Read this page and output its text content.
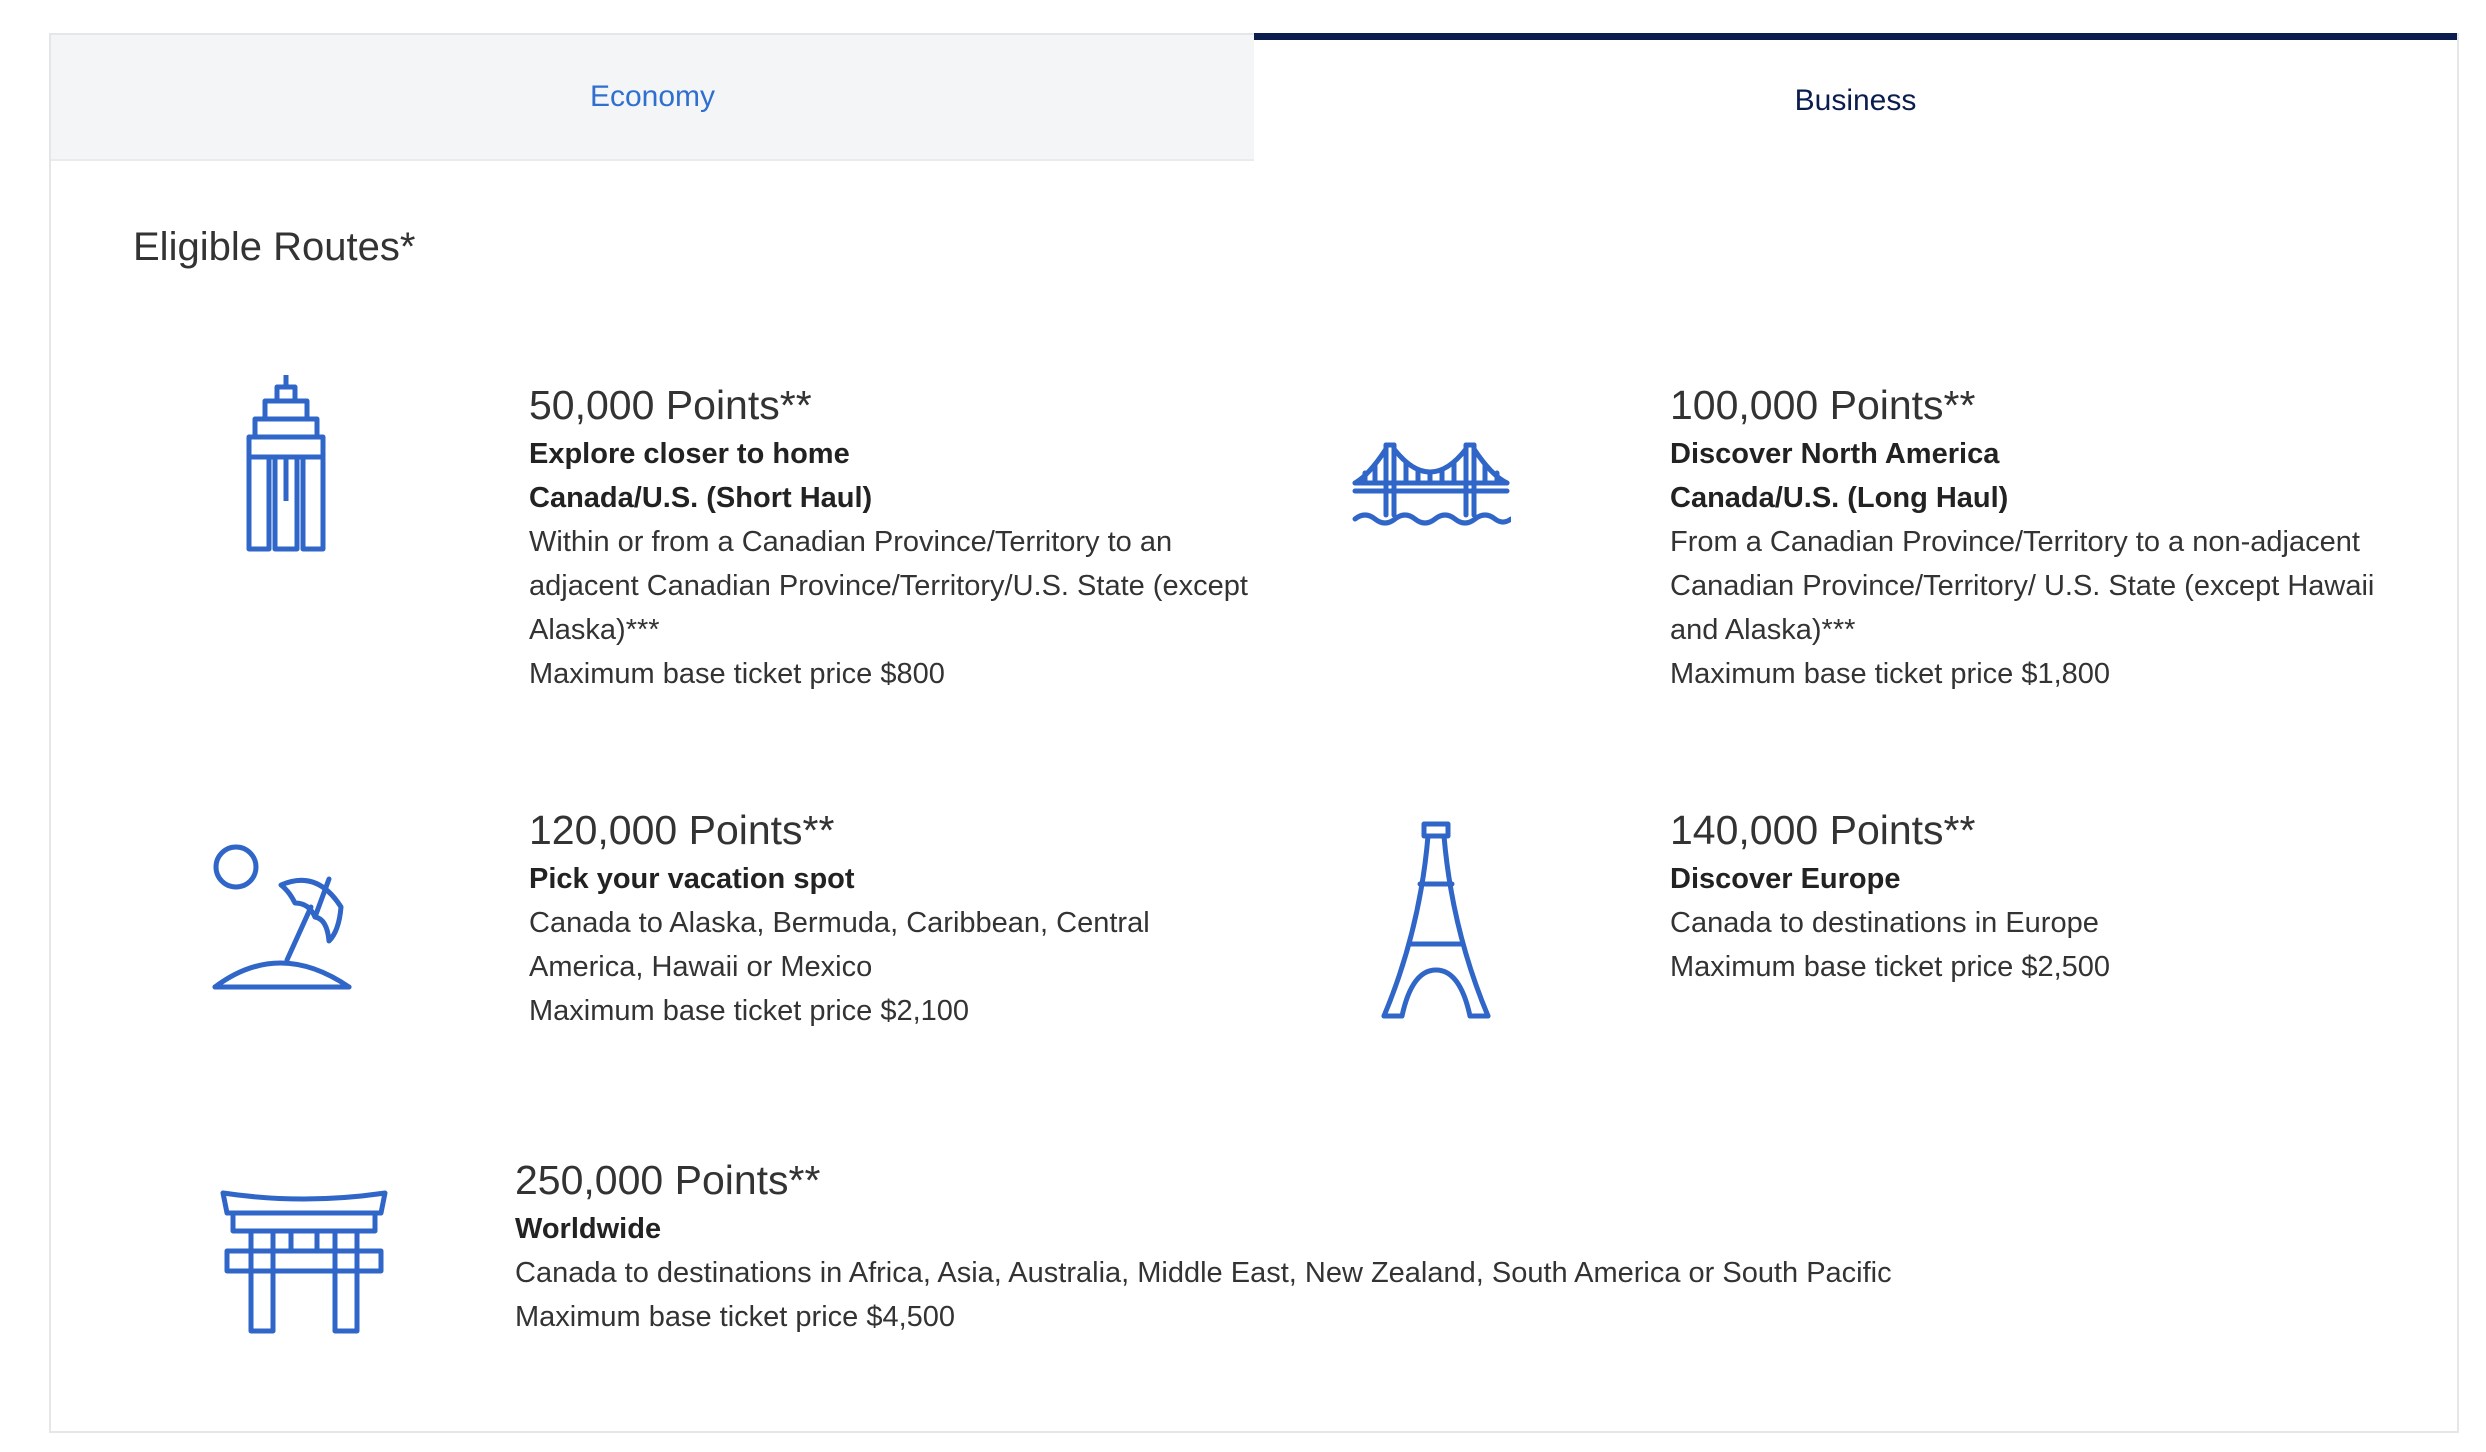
Economy	Business
Eligible Routes*

50,000 Points**

Explore closer to home
Canada/U.S. (Short Haul)
Within or from a Canadian Province/Territory to an adjacent Canadian Province/Territory/U.S. State (except Alaska)***
Maximum base ticket price $800

100,000 Points**

Discover North America
Canada/U.S. (Long Haul)
From a Canadian Province/Territory to a non-adjacent Canadian Province/Territory/ U.S. State (except Hawaii and Alaska)***
Maximum base ticket price $1,800

120,000 Points**

Pick your vacation spot
Canada to Alaska, Bermuda, Caribbean, Central America, Hawaii or Mexico
Maximum base ticket price $2,100

140,000 Points**

Discover Europe
Canada to destinations in Europe
Maximum base ticket price $2,500

250,000 Points**

Worldwide
Canada to destinations in Africa, Asia, Australia, Middle East, New Zealand, South America or South Pacific
Maximum base ticket price $4,500
